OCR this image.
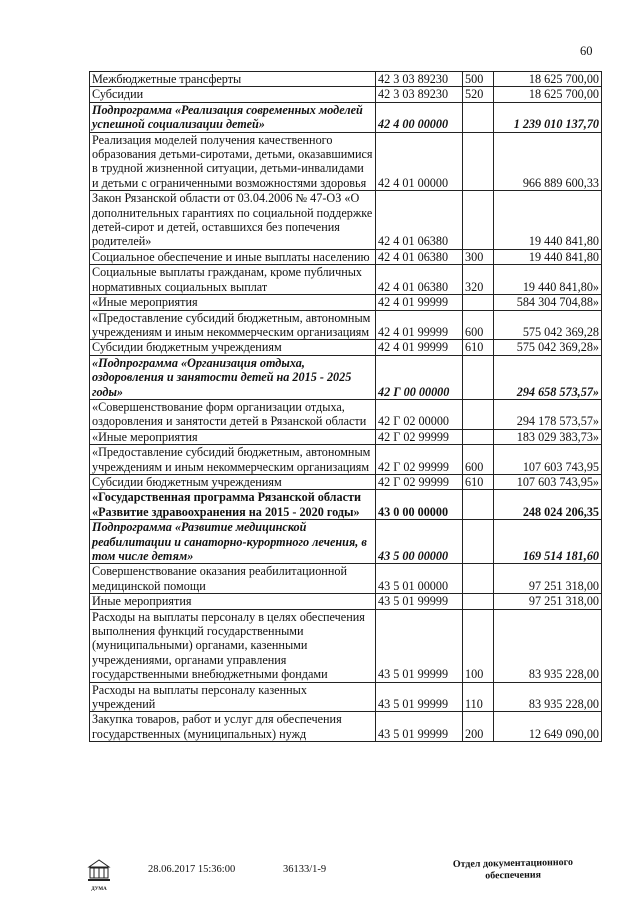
60
Межбюджетные трансферты	42 3 03 89230	500	18 625 700,00
Субсидии	42 3 03 89230	520	18 625 700,00
Подпрограмма «Реализация современных моделей успешной социализации детей»	42 4 00 00000		1 239 010 137,70
Реализация моделей получения качественного образования детьми-сиротами, детьми, оказавшимися в трудной жизненной ситуации, детьми-инвалидами и детьми с ограниченными возможностями здоровья	42 4 01 00000		966 889 600,33
Закон Рязанской области от 03.04.2006 № 47-ОЗ «О дополнительных гарантиях по социальной поддержке детей-сирот и детей, оставшихся без попечения родителей»	42 4 01 06380		19 440 841,80
Социальное обеспечение и иные выплаты населению	42 4 01 06380	300	19 440 841,80
Социальные выплаты гражданам, кроме публичных нормативных социальных выплат	42 4 01 06380	320	19 440 841,80»
«Иные мероприятия	42 4 01 99999		584 304 704,88»
«Предоставление субсидий бюджетным, автономным учреждениям и иным некоммерческим организациям	42 4 01 99999	600	575 042 369,28
Субсидии бюджетным учреждениям	42 4 01 99999	610	575 042 369,28»
«Подпрограмма «Организация отдыха, оздоровления и занятости детей на 2015 - 2025 годы»	42 Г 00 00000		294 658 573,57»
«Совершенствование форм организации отдыха, оздоровления и занятости детей в Рязанской области	42 Г 02 00000		294 178 573,57»
«Иные мероприятия	42 Г 02 99999		183 029 383,73»
«Предоставление субсидий бюджетным, автономным учреждениям и иным некоммерческим организациям	42 Г 02 99999	600	107 603 743,95
Субсидии бюджетным учреждениям	42 Г 02 99999	610	107 603 743,95»
«Государственная программа Рязанской области «Развитие здравоохранения на 2015 - 2020 годы»	43 0 00 00000		248 024 206,35
Подпрограмма «Развитие медицинской реабилитации и санаторно-курортного лечения, в том числе детям»	43 5 00 00000		169 514 181,60
Совершенствование оказания реабилитационной медицинской помощи	43 5 01 00000		97 251 318,00
Иные мероприятия	43 5 01 99999		97 251 318,00
Расходы на выплаты персоналу в целях обеспечения выполнения функций государственными (муниципальными) органами, казенными учреждениями, органами управления государственными внебюджетными фондами	43 5 01 99999	100	83 935 228,00
Расходы на выплаты персоналу казенных учреждений	43 5 01 99999	110	83 935 228,00
Закупка товаров, работ и услуг для обеспечения государственных (муниципальных) нужд	43 5 01 99999	200	12 649 090,00
ДУМА
28.06.2017 15:36:00	36133/1-9	Отдел документационного
обеспечения
